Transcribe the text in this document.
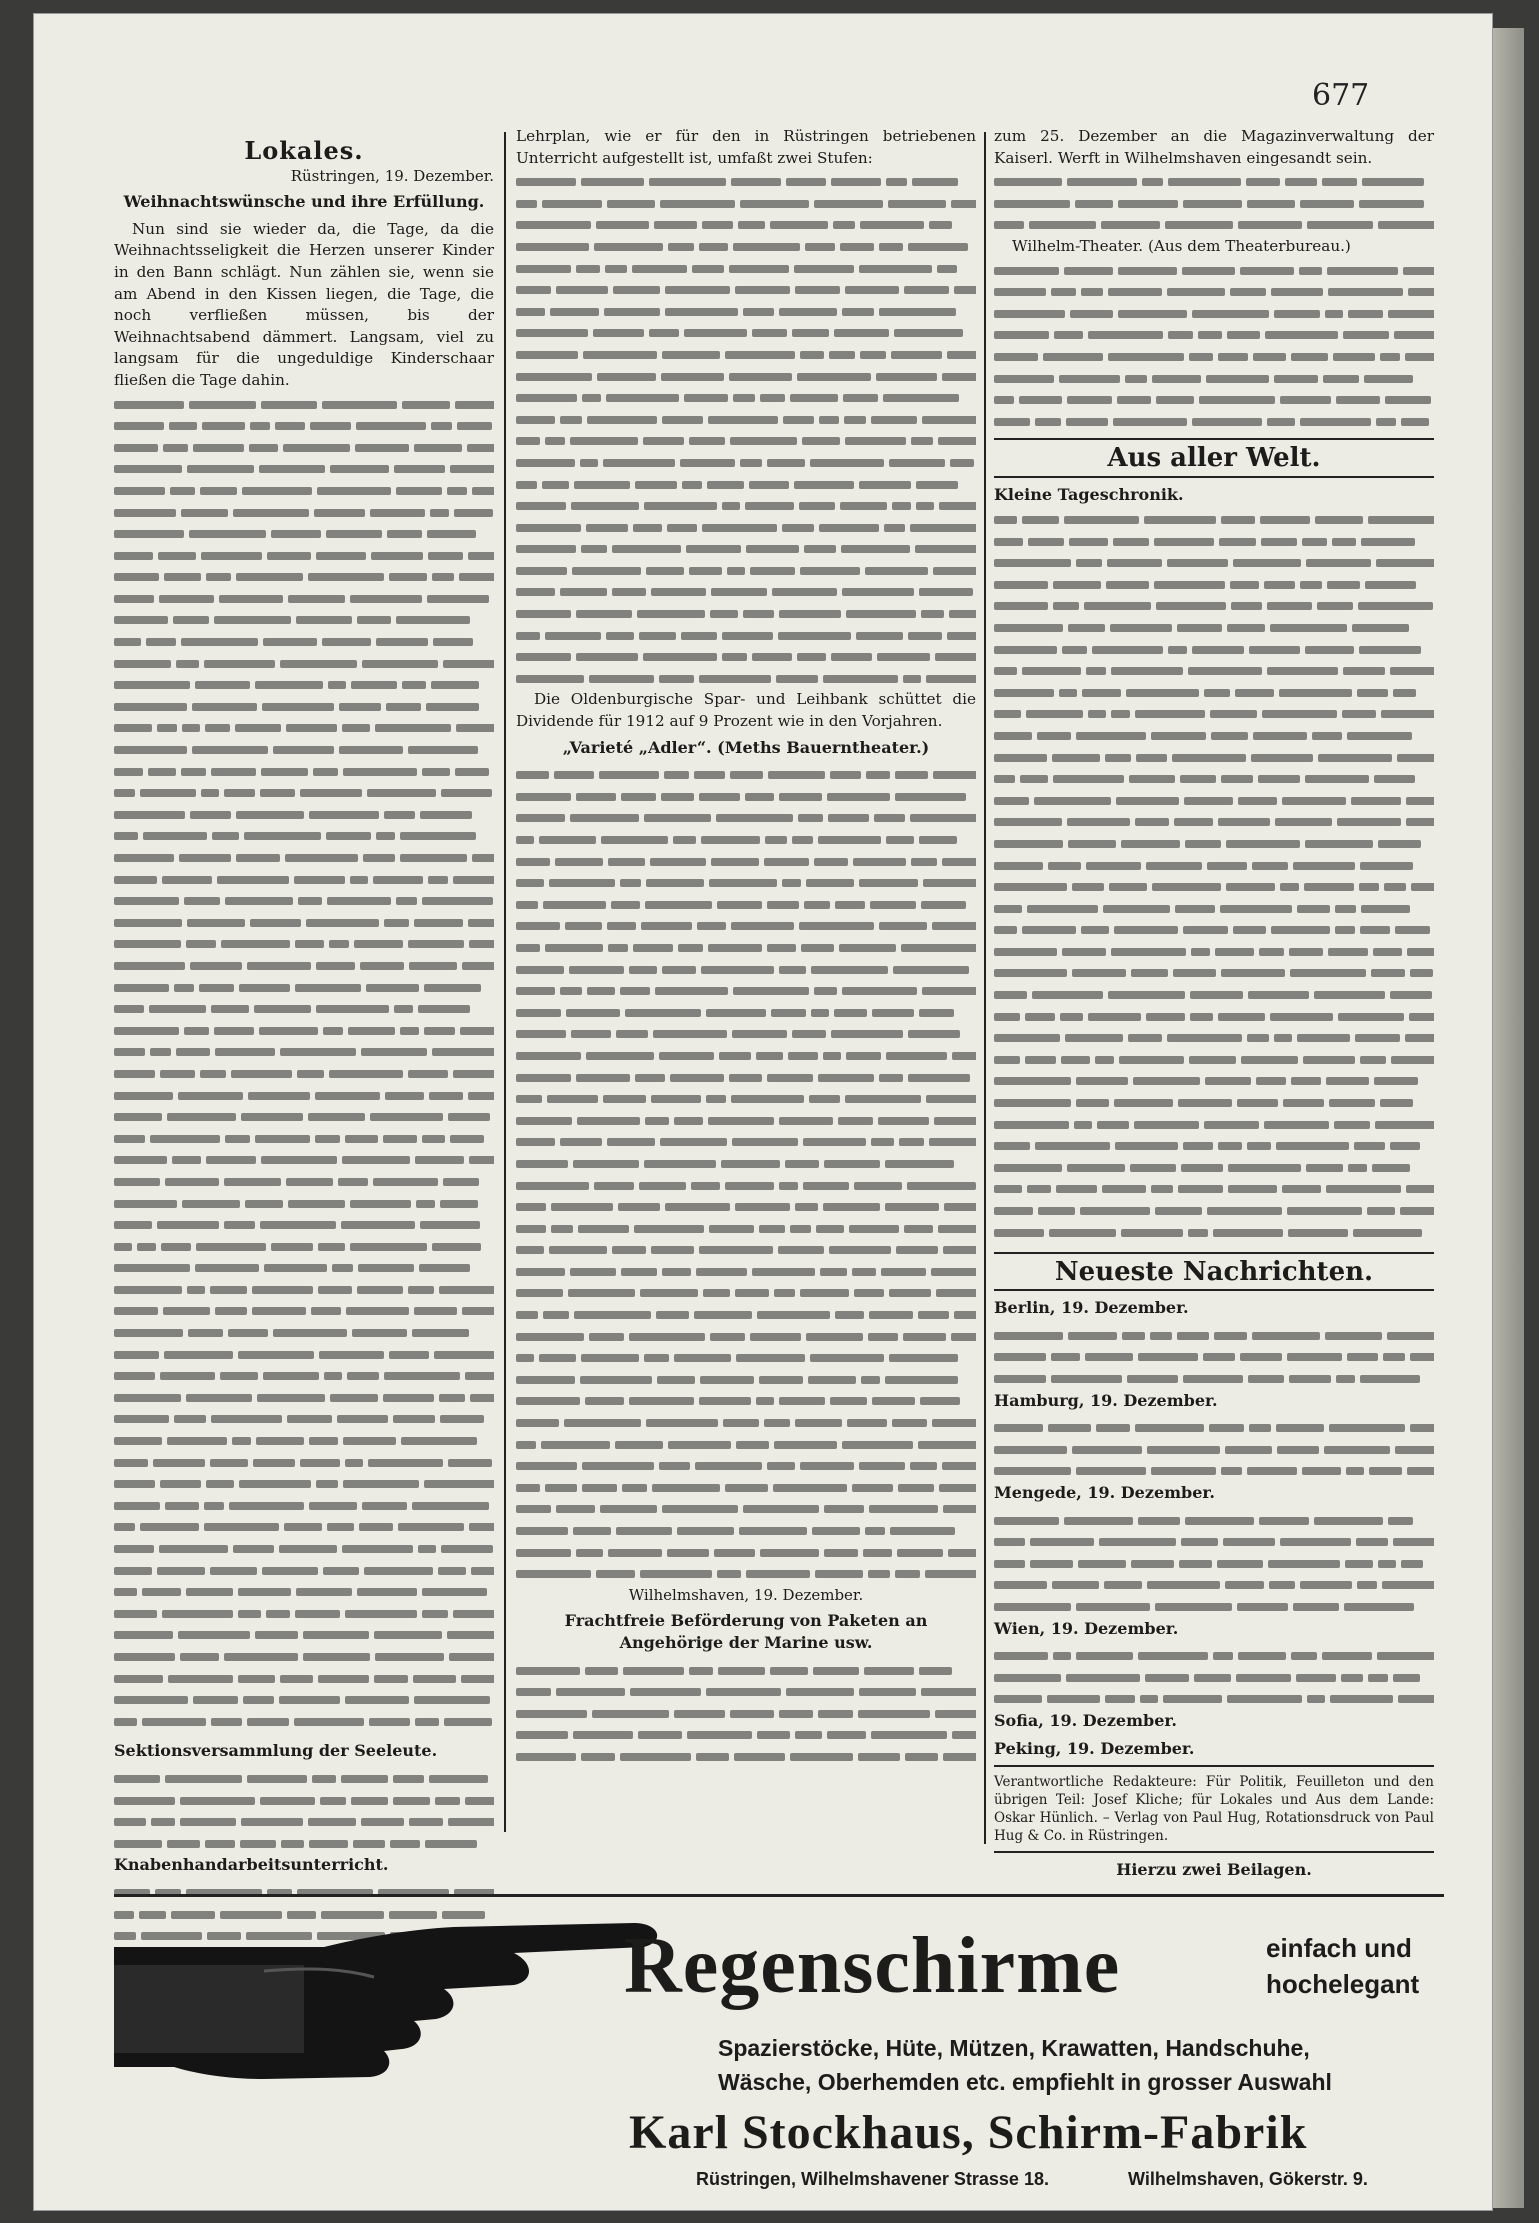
677
Lokales.
Rüstringen, 19. Dezember.
Weihnachtswünsche und ihre Erfüllung.

Nun sind sie wieder da, die Tage, da die Weihnachtsseligkeit die Herzen unserer Kinder in den Bann schlägt. Nun zählen sie, wenn sie am Abend in den Kissen liegen, die Tage, die noch verfließen müssen, bis der Weihnachtsabend dämmert. Langsam, viel zu langsam für die ungeduldige Kinderschaar fließen die Tage dahin.

Sektionsversammlung der Seeleute.
Knabenhandarbeitsunterricht.

Lehrplan, wie er für den in Rüstringen betriebenen Unterricht aufgestellt ist, umfaßt zwei Stufen:

Die Oldenburgische Spar- und Leihbank schüttet die Dividende für 1912 auf 9 Prozent wie in den Vorjahren.

„Varieté „Adler“. (Meths Bauerntheater.)
Wilhelmshaven, 19. Dezember.
Frachtfreie Beförderung von Paketen an Angehörige der Marine usw.

zum 25. Dezember an die Magazinverwaltung der Kaiserl. Werft in Wilhelmshaven eingesandt sein.

Wilhelm-Theater. (Aus dem Theaterbureau.)

Aus aller Welt.
Kleine Tageschronik.
Neueste Nachrichten.
Berlin, 19. Dezember.
Hamburg, 19. Dezember.
Mengede, 19. Dezember.
Wien, 19. Dezember.
Sofia, 19. Dezember.
Peking, 19. Dezember.
Verantwortliche Redakteure: Für Politik, Feuilleton und den übrigen Teil: Josef Kliche; für Lokales und Aus dem Lande: Oskar Hünlich. – Verlag von Paul Hug, Rotationsdruck von Paul Hug & Co. in Rüstringen.
Hierzu zwei Beilagen.
Regenschirme	einfach und
hochelegant
Spazierstöcke, Hüte, Mützen, Krawatten, Handschuhe,
Wäsche, Oberhemden etc. empfiehlt in grosser Auswahl
Karl Stockhaus, Schirm-Fabrik
Rüstringen, Wilhelmshavener Strasse 18.	Wilhelmshaven, Gökerstr. 9.
